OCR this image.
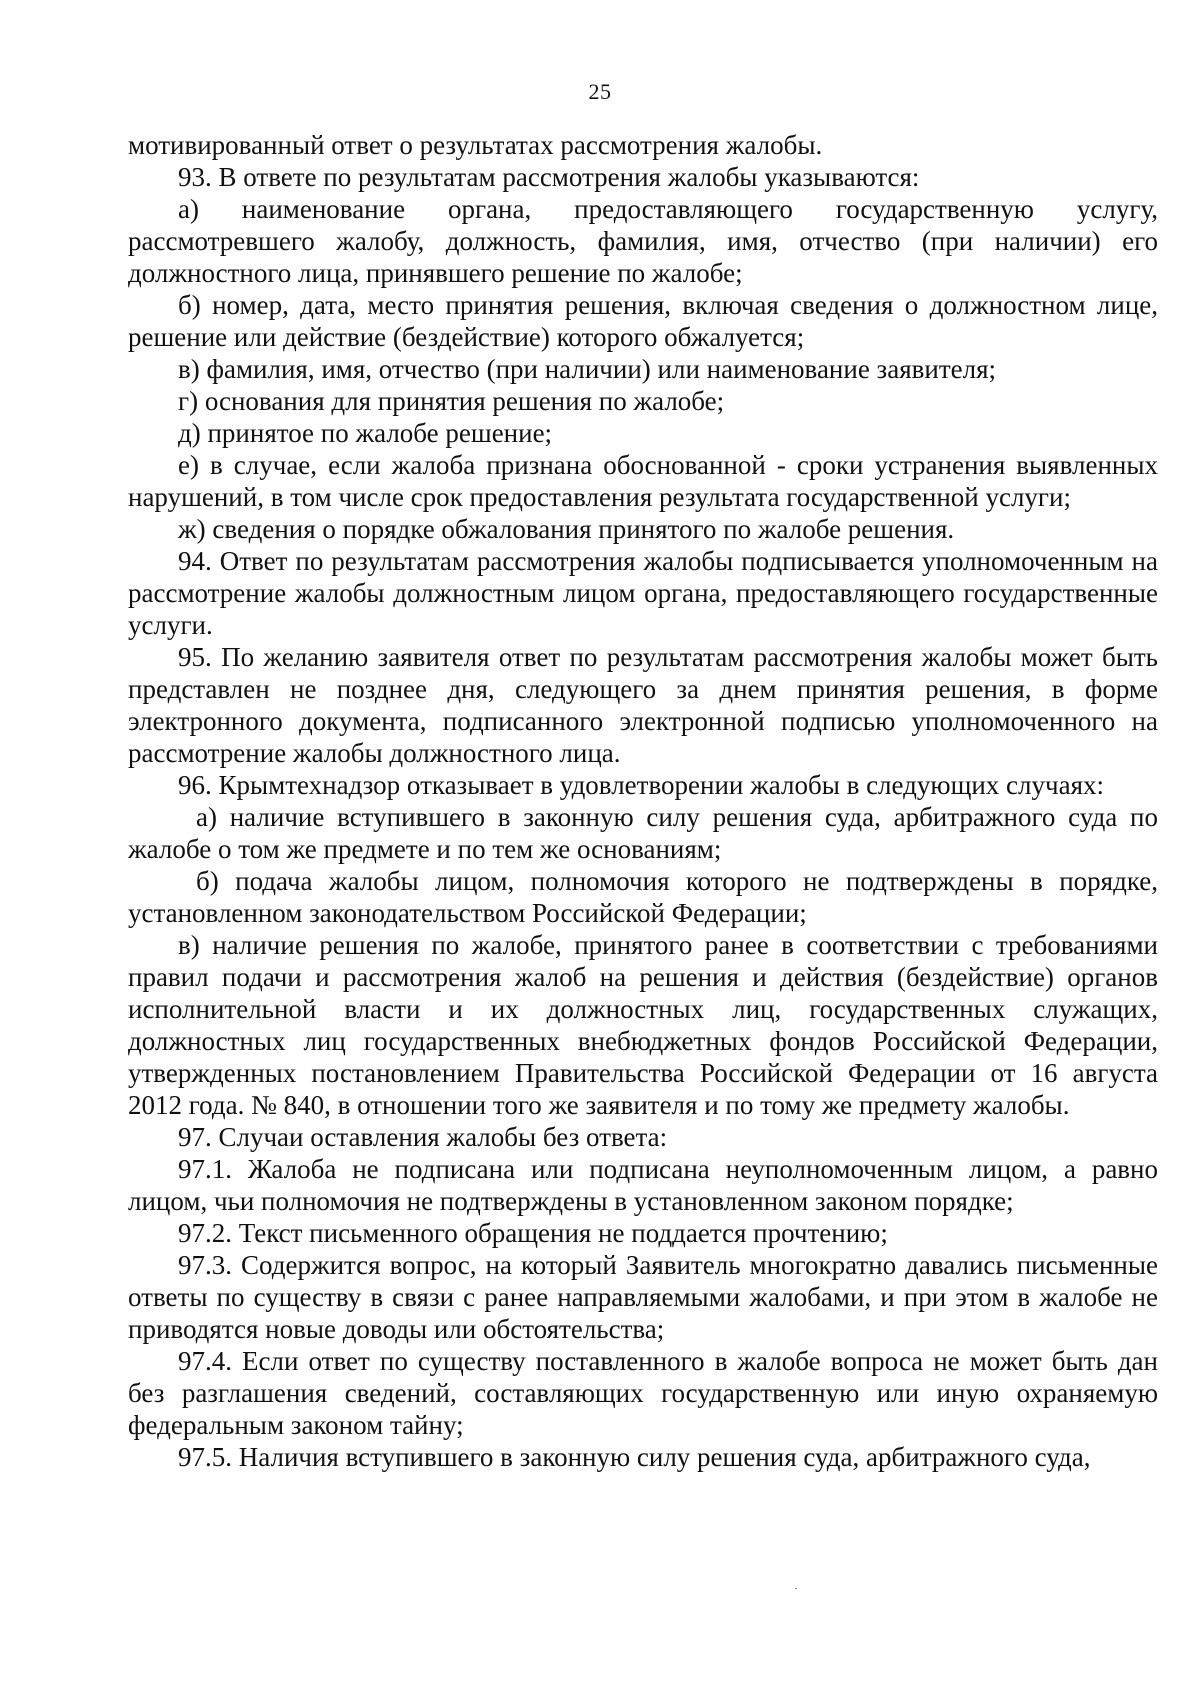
25

мотивированный ответ о результатах рассмотрения жалобы.

93. В ответе по результатам рассмотрения жалобы указываются:

а) наименование органа, предоставляющего государственную услугу, рассмотревшего жалобу, должность, фамилия, имя, отчество (при наличии) его должностного лица, принявшего решение по жалобе;

б) номер, дата, место принятия решения, включая сведения о должностном лице, решение или действие (бездействие) которого обжалуется;

в) фамилия, имя, отчество (при наличии) или наименование заявителя;

г) основания для принятия решения по жалобе;

д) принятое по жалобе решение;

е) в случае, если жалоба признана обоснованной - сроки устранения выявленных нарушений, в том числе срок предоставления результата государственной услуги;

ж) сведения о порядке обжалования принятого по жалобе решения.

94. Ответ по результатам рассмотрения жалобы подписывается уполномоченным на рассмотрение жалобы должностным лицом органа, предоставляющего государственные услуги.

95. По желанию заявителя ответ по результатам рассмотрения жалобы может быть представлен не позднее дня, следующего за днем принятия решения, в форме электронного документа, подписанного электронной подписью уполномоченного на рассмотрение жалобы должностного лица.

96. Крымтехнадзор отказывает в удовлетворении жалобы в следующих случаях:

а) наличие вступившего в законную силу решения суда, арбитражного суда по жалобе о том же предмете и по тем же основаниям;

б) подача жалобы лицом, полномочия которого не подтверждены в порядке, установленном законодательством Российской Федерации;

в) наличие решения по жалобе, принятого ранее в соответствии с требованиями правил подачи и рассмотрения жалоб на решения и действия (бездействие) органов исполнительной власти и их должностных лиц, государственных служащих, должностных лиц государственных внебюджетных фондов Российской Федерации, утвержденных постановлением Правительства Российской Федерации от 16 августа 2012 года. № 840, в отношении того же заявителя и по тому же предмету жалобы.

97. Случаи оставления жалобы без ответа:

97.1. Жалоба не подписана или подписана неуполномоченным лицом, а равно лицом, чьи полномочия не подтверждены в установленном законом порядке;

97.2. Текст письменного обращения не поддается прочтению;

97.3. Содержится вопрос, на который Заявитель многократно давались письменные ответы по существу в связи с ранее направляемыми жалобами, и при этом в жалобе не приводятся новые доводы или обстоятельства;

97.4. Если ответ по существу поставленного в жалобе вопроса не может быть дан без разглашения сведений, составляющих государственную или иную охраняемую федеральным законом тайну;

97.5. Наличия вступившего в законную силу решения суда, арбитражного суда,
